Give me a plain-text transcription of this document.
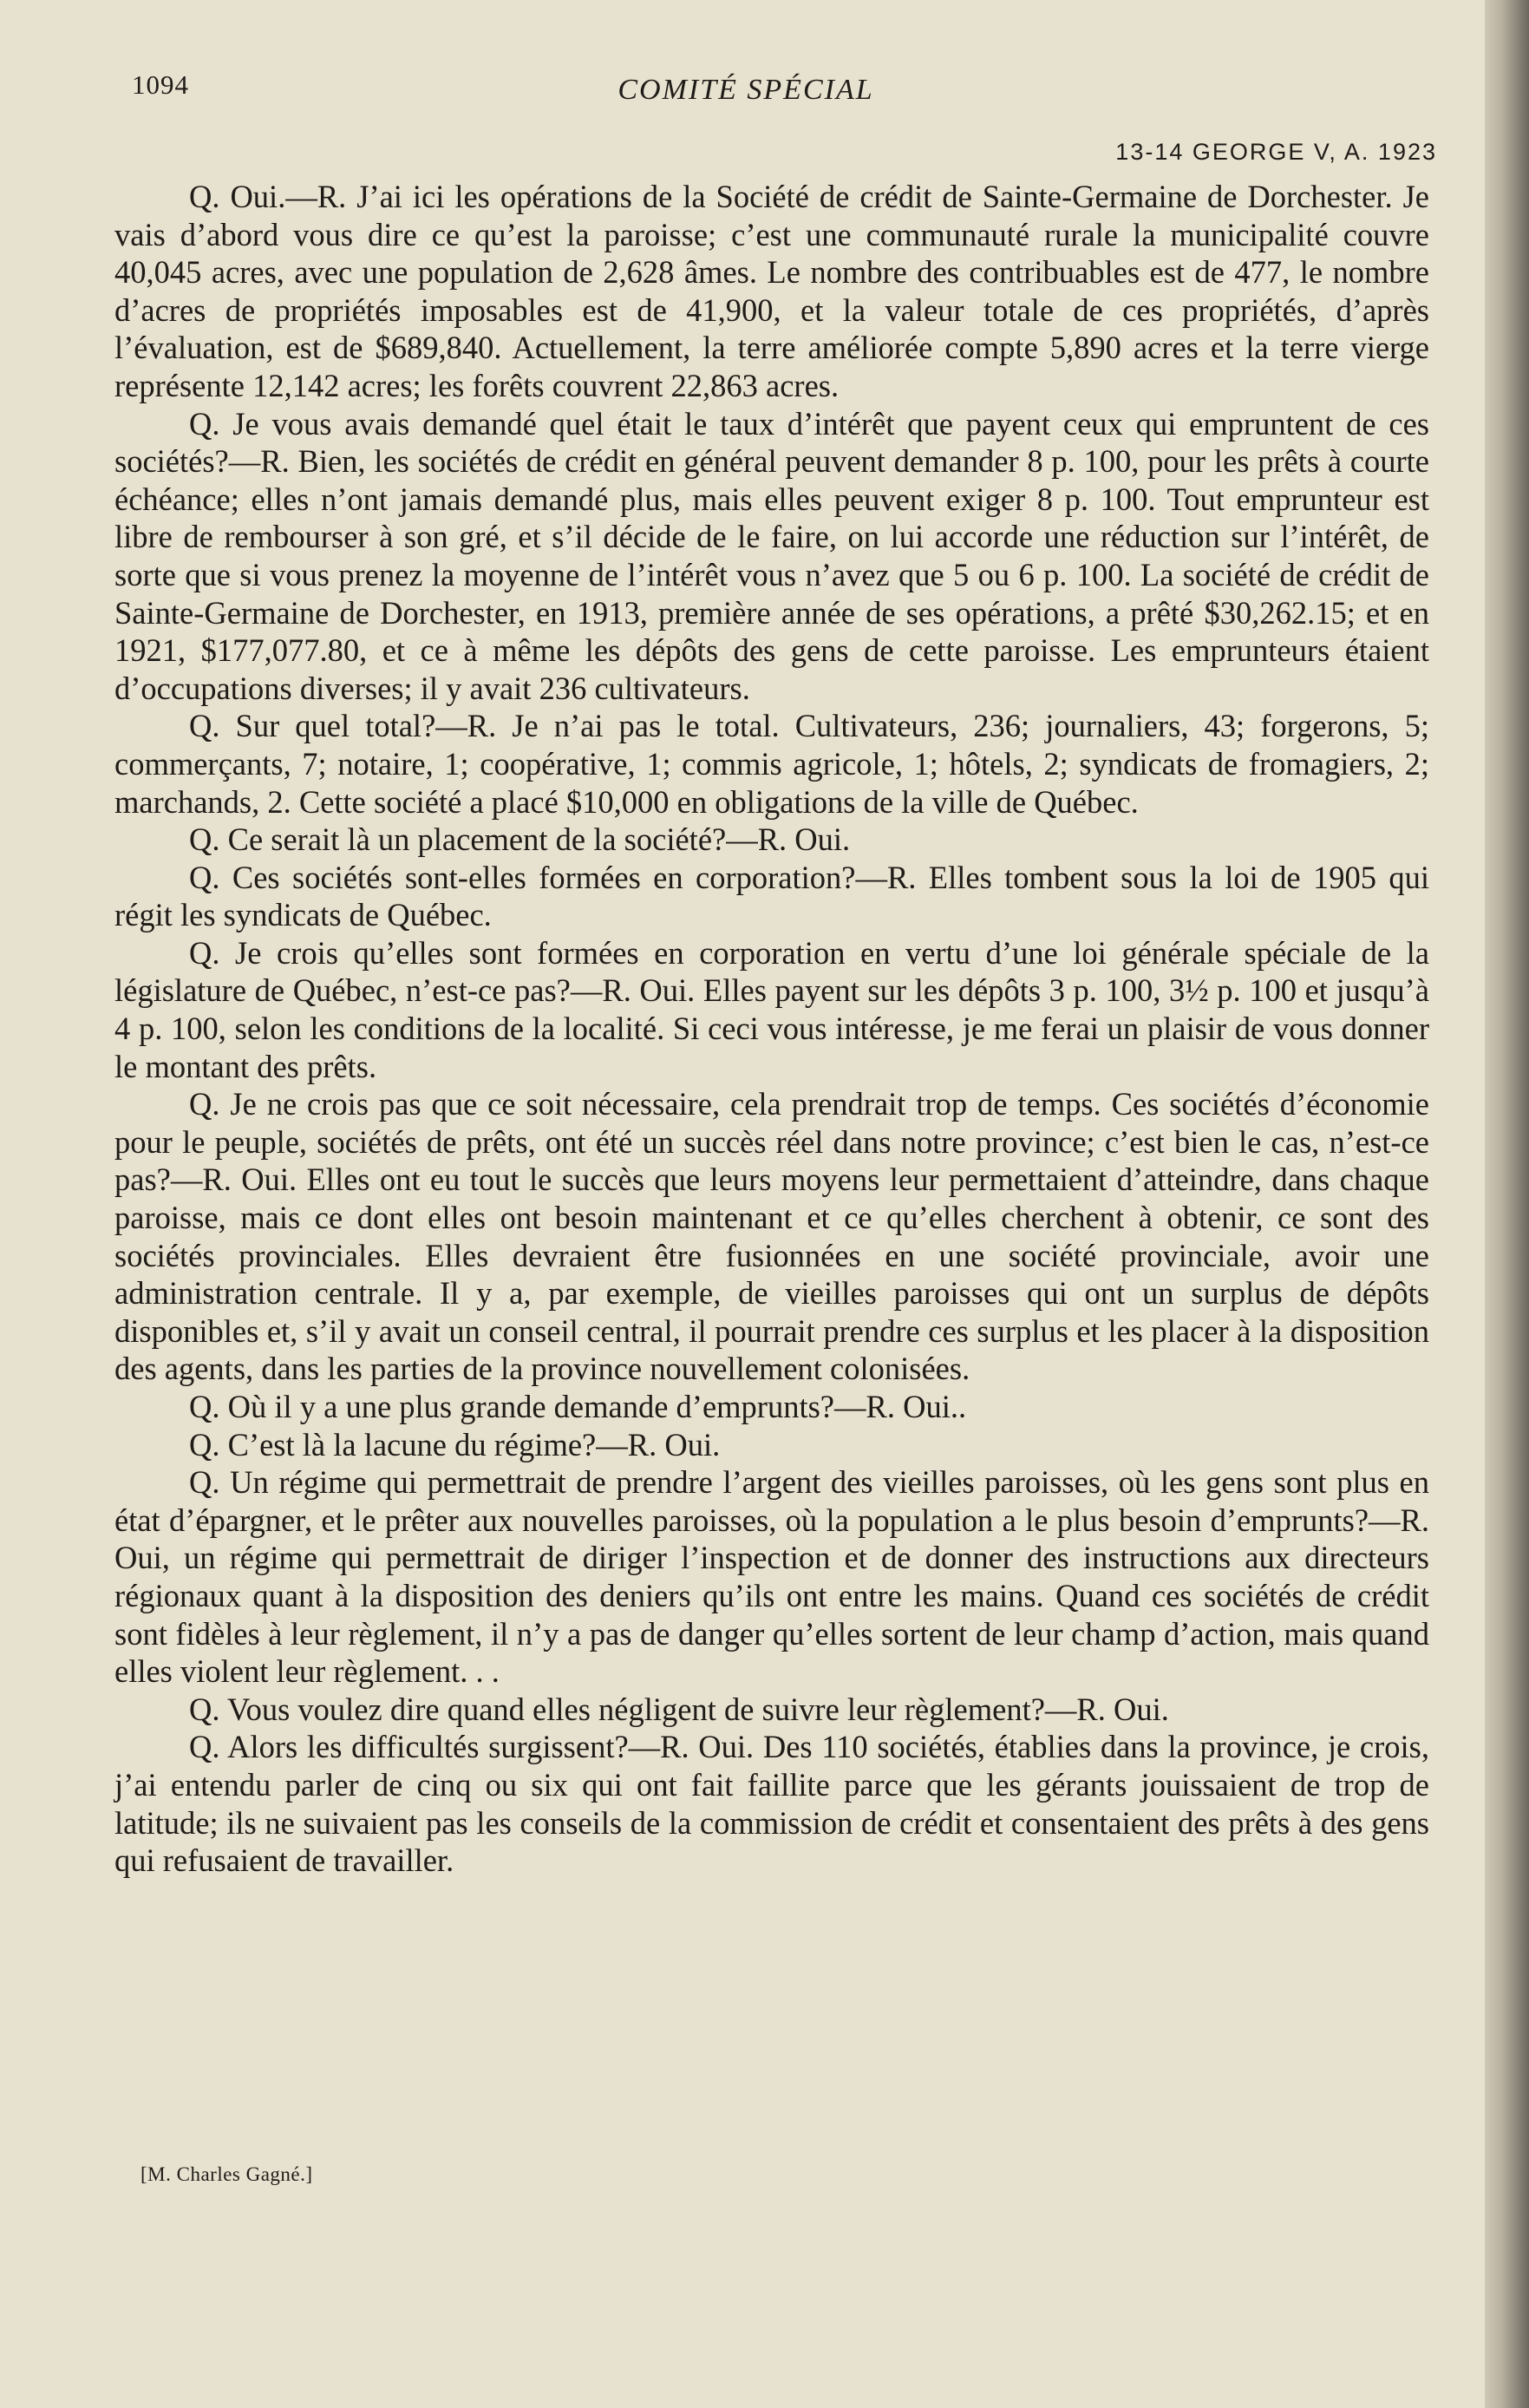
1094	COMITÉ SPÉCIAL
13-14 GEORGE V, A. 1923

Q. Oui.—R. J’ai ici les opérations de la Société de crédit de Sainte-Germaine de Dorchester. Je vais d’abord vous dire ce qu’est la paroisse; c’est une communauté rurale la municipalité couvre 40,045 acres, avec une population de 2,628 âmes. Le nombre des contribuables est de 477, le nombre d’acres de propriétés imposables est de 41,900, et la valeur totale de ces propriétés, d’après l’évaluation, est de $689,840. Actuellement, la terre améliorée compte 5,890 acres et la terre vierge représente 12,142 acres; les forêts couvrent 22,863 acres.

Q. Je vous avais demandé quel était le taux d’intérêt que payent ceux qui empruntent de ces sociétés?—R. Bien, les sociétés de crédit en général peuvent demander 8 p. 100, pour les prêts à courte échéance; elles n’ont jamais demandé plus, mais elles peuvent exiger 8 p. 100. Tout emprunteur est libre de rembourser à son gré, et s’il décide de le faire, on lui accorde une réduction sur l’intérêt, de sorte que si vous prenez la moyenne de l’intérêt vous n’avez que 5 ou 6 p. 100. La société de crédit de Sainte-Germaine de Dorchester, en 1913, première année de ses opérations, a prêté $30,262.15; et en 1921, $177,077.80, et ce à même les dépôts des gens de cette paroisse. Les emprunteurs étaient d’occupations diverses; il y avait 236 cultivateurs.

Q. Sur quel total?—R. Je n’ai pas le total. Cultivateurs, 236; journaliers, 43; forgerons, 5; commerçants, 7; notaire, 1; coopérative, 1; commis agricole, 1; hôtels, 2; syndicats de fromagiers, 2; marchands, 2. Cette société a placé $10,000 en obligations de la ville de Québec.

Q. Ce serait là un placement de la société?—R. Oui.

Q. Ces sociétés sont-elles formées en corporation?—R. Elles tombent sous la loi de 1905 qui régit les syndicats de Québec.

Q. Je crois qu’elles sont formées en corporation en vertu d’une loi générale spéciale de la législature de Québec, n’est-ce pas?—R. Oui. Elles payent sur les dépôts 3 p. 100, 3½ p. 100 et jusqu’à 4 p. 100, selon les conditions de la localité. Si ceci vous intéresse, je me ferai un plaisir de vous donner le montant des prêts.

Q. Je ne crois pas que ce soit nécessaire, cela prendrait trop de temps. Ces sociétés d’économie pour le peuple, sociétés de prêts, ont été un succès réel dans notre province; c’est bien le cas, n’est-ce pas?—R. Oui. Elles ont eu tout le succès que leurs moyens leur permettaient d’atteindre, dans chaque paroisse, mais ce dont elles ont besoin maintenant et ce qu’elles cherchent à obtenir, ce sont des sociétés provinciales. Elles devraient être fusionnées en une société provinciale, avoir une administration centrale. Il y a, par exemple, de vieilles paroisses qui ont un surplus de dépôts disponibles et, s’il y avait un conseil central, il pourrait prendre ces surplus et les placer à la disposition des agents, dans les parties de la province nouvellement colonisées.

Q. Où il y a une plus grande demande d’emprunts?—R. Oui..

Q. C’est là la lacune du régime?—R. Oui.

Q. Un régime qui permettrait de prendre l’argent des vieilles paroisses, où les gens sont plus en état d’épargner, et le prêter aux nouvelles paroisses, où la population a le plus besoin d’emprunts?—R. Oui, un régime qui permettrait de diriger l’inspection et de donner des instructions aux directeurs régionaux quant à la disposition des deniers qu’ils ont entre les mains. Quand ces sociétés de crédit sont fidèles à leur règlement, il n’y a pas de danger qu’elles sortent de leur champ d’action, mais quand elles violent leur règlement. . .

Q. Vous voulez dire quand elles négligent de suivre leur règlement?—R. Oui.

Q. Alors les difficultés surgissent?—R. Oui. Des 110 sociétés, établies dans la province, je crois, j’ai entendu parler de cinq ou six qui ont fait faillite parce que les gérants jouissaient de trop de latitude; ils ne suivaient pas les conseils de la commission de crédit et consentaient des prêts à des gens qui refusaient de travailler.

[M. Charles Gagné.]
